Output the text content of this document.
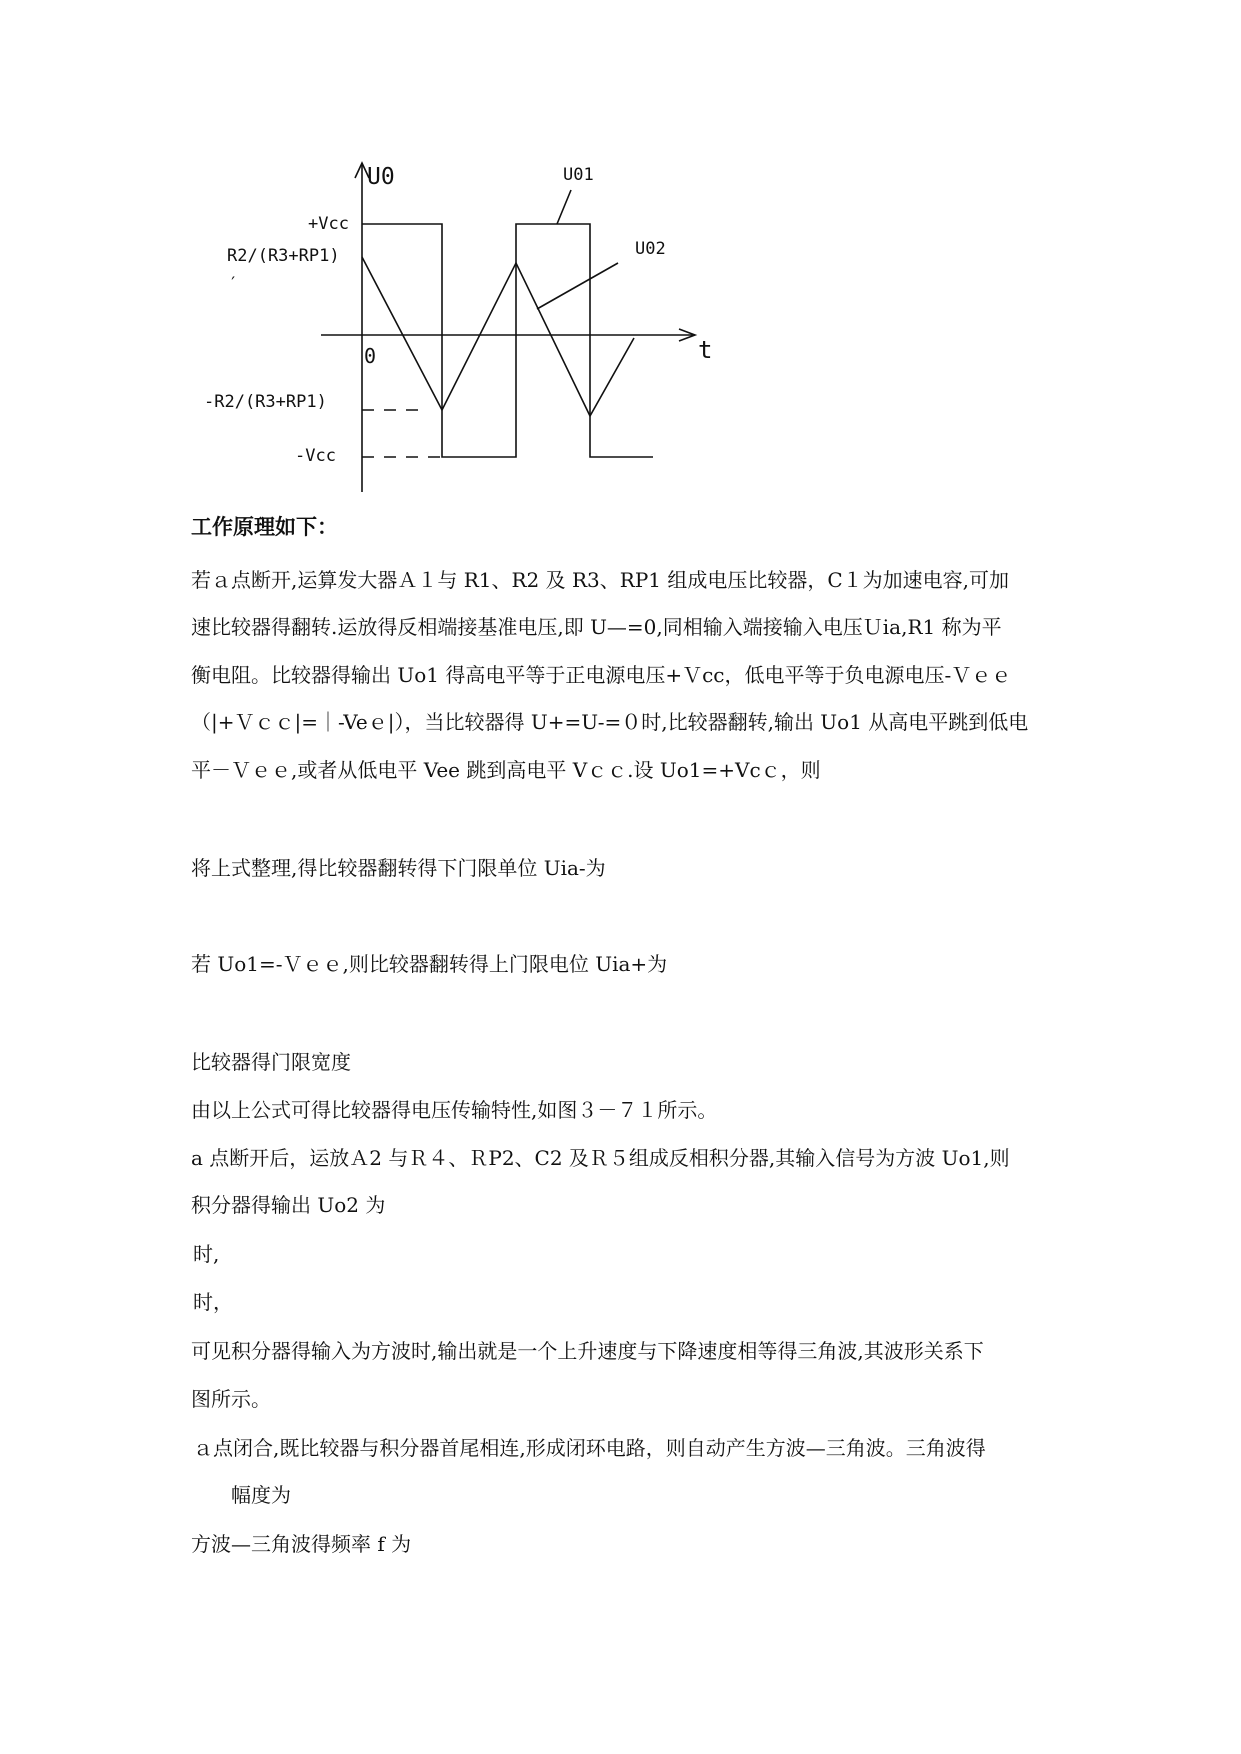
U0
t
0
+Vcc
R2/(R3+RP1)
′
-R2/(R3+RP1)
-Vcc
U01
U02
工作原理如下：
若ａ点断开,运算发大器Ａ１与 R1、R2 及 R3、RP1 组成电压比较器，C１为加速电容,可加
速比较器得翻转.运放得反相端接基准电压,即 U—=0,同相输入端接输入电压Ｕia,R1 称为平
衡电阻。比较器得输出 Uo1 得高电平等于正电源电压+Ｖcc，低电平等于负电源电压-Ｖｅｅ
（|+Ｖｃｃ|=｜-Veｅ|），当比较器得 U+=U-=０时,比较器翻转,输出 Uo1 从高电平跳到低电
平－Ｖｅｅ,或者从低电平 Vee 跳到高电平 Vｃｃ.设 Uo1=+Vcｃ，则
将上式整理,得比较器翻转得下门限单位 Uia-为
若 Uo1=-Ｖｅｅ,则比较器翻转得上门限电位 Uia+为
比较器得门限宽度
由以上公式可得比较器得电压传输特性,如图３－７１所示。
a 点断开后，运放Ａ2 与Ｒ４、ＲP2、C2 及Ｒ５组成反相积分器,其输入信号为方波 Uo1,则
积分器得输出 Uo2 为
时,
时，
可见积分器得输入为方波时,输出就是一个上升速度与下降速度相等得三角波,其波形关系下
图所示。
ａ点闭合,既比较器与积分器首尾相连,形成闭环电路，则自动产生方波—三角波。三角波得
幅度为
方波—三角波得频率 f 为
